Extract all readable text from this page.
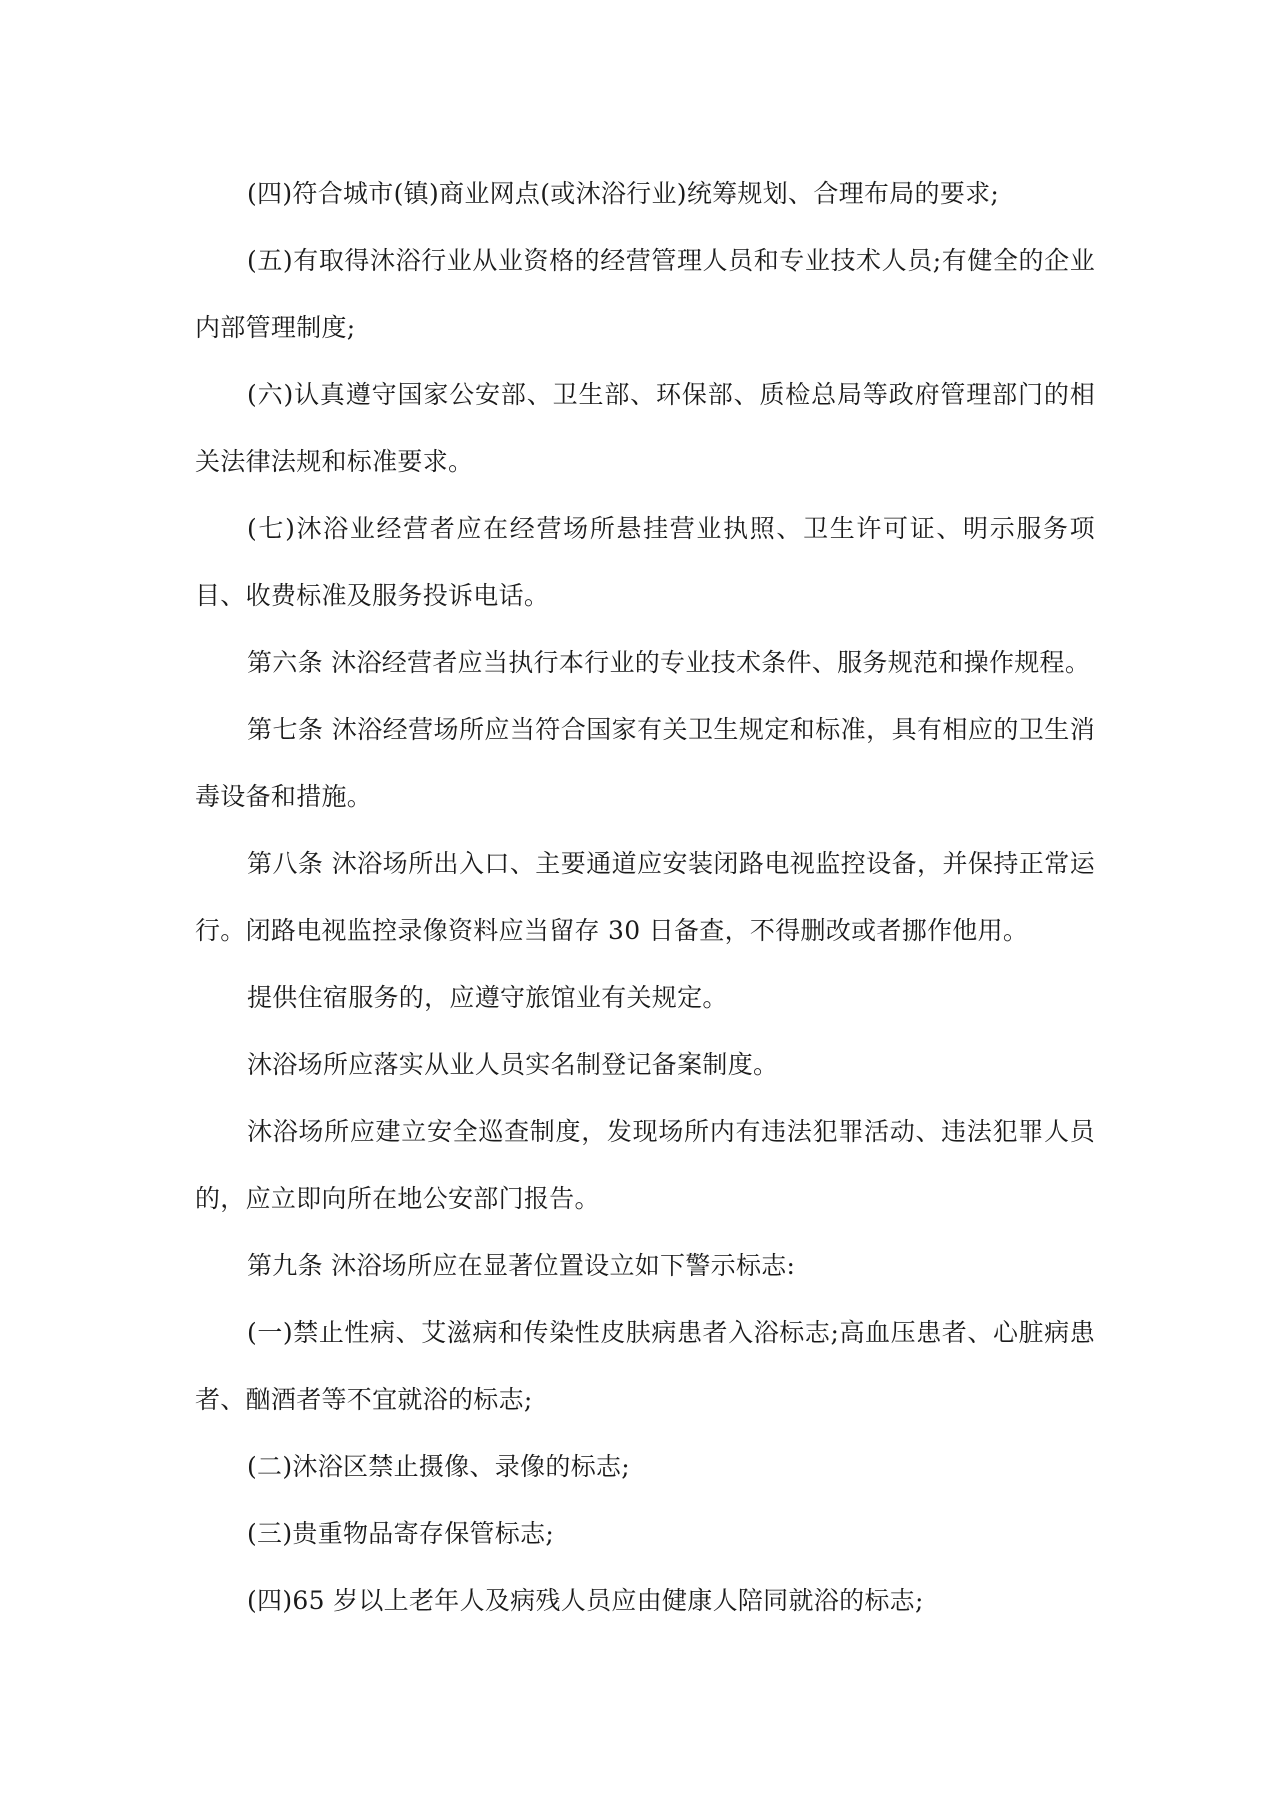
(四)符合城市(镇)商业网点(或沐浴行业)统筹规划、合理布局的要求;

(五)有取得沐浴行业从业资格的经营管理人员和专业技术人员;有健全的企业内部管理制度;

(六)认真遵守国家公安部、卫生部、环保部、质检总局等政府管理部门的相关法律法规和标准要求。

(七)沐浴业经营者应在经营场所悬挂营业执照、卫生许可证、明示服务项目、收费标准及服务投诉电话。

第六条 沐浴经营者应当执行本行业的专业技术条件、服务规范和操作规程。

第七条 沐浴经营场所应当符合国家有关卫生规定和标准，具有相应的卫生消毒设备和措施。

第八条 沐浴场所出入口、主要通道应安装闭路电视监控设备，并保持正常运行。闭路电视监控录像资料应当留存 30 日备查，不得删改或者挪作他用。

提供住宿服务的，应遵守旅馆业有关规定。

沐浴场所应落实从业人员实名制登记备案制度。

沐浴场所应建立安全巡查制度，发现场所内有违法犯罪活动、违法犯罪人员的，应立即向所在地公安部门报告。

第九条 沐浴场所应在显著位置设立如下警示标志:

(一)禁止性病、艾滋病和传染性皮肤病患者入浴标志;高血压患者、心脏病患者、酗酒者等不宜就浴的标志;

(二)沐浴区禁止摄像、录像的标志;

(三)贵重物品寄存保管标志;

(四)65 岁以上老年人及病残人员应由健康人陪同就浴的标志;
